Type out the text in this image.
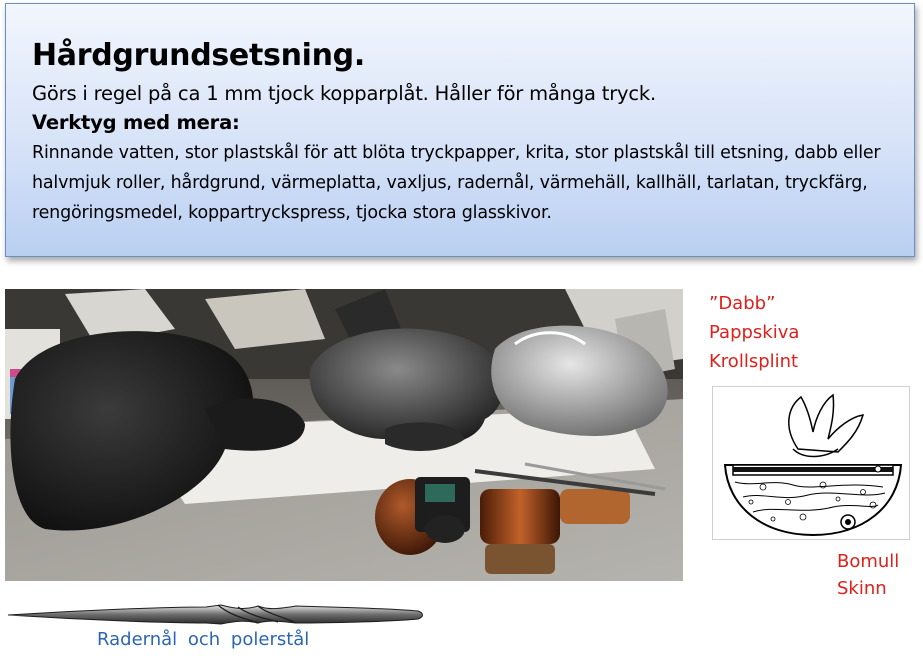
Hårdgrundsetsning.
Görs i regel på ca 1 mm tjock kopparplåt. Håller för många tryck.
Verktyg med mera:
Rinnande vatten, stor plastskål för att blöta tryckpapper, krita, stor plastskål till etsning, dabb eller halvmjuk roller, hårdgrund, värmeplatta, vaxljus, radernål, värmehäll, kallhäll, tarlatan, tryckfärg, rengöringsmedel, koppartryckspress, tjocka stora glasskivor.
”Dabb”
Pappskiva
Krollsplint
Bomull
Skinn
Radernål och polerstål
